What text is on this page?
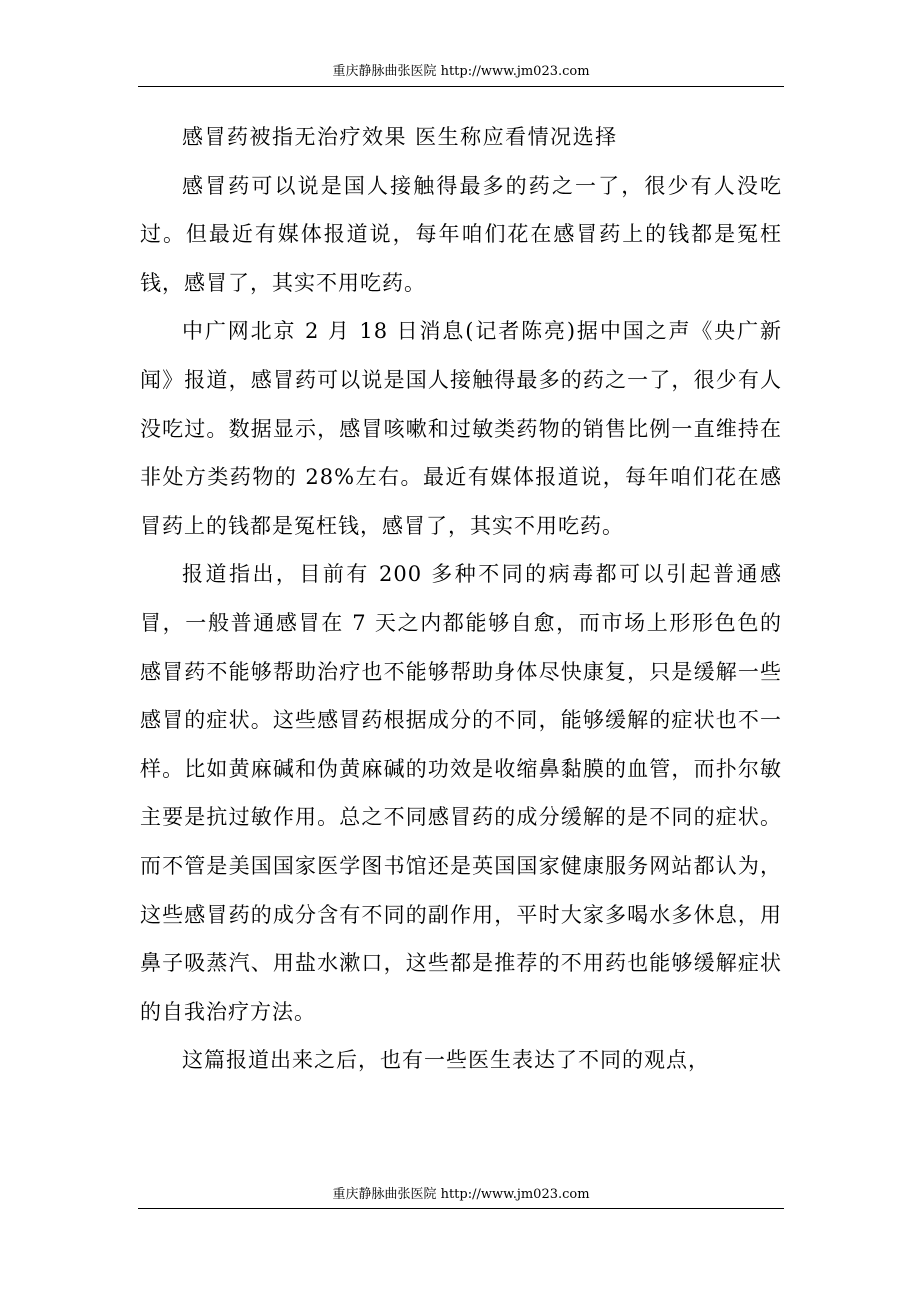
重庆静脉曲张医院 http://www.jm023.com

感冒药被指无治疗效果 医生称应看情况选择

感冒药可以说是国人接触得最多的药之一了，很少有人没吃过。但最近有媒体报道说，每年咱们花在感冒药上的钱都是冤枉钱，感冒了，其实不用吃药。

中广网北京 2 月 18 日消息(记者陈亮)据中国之声《央广新闻》报道，感冒药可以说是国人接触得最多的药之一了，很少有人没吃过。数据显示，感冒咳嗽和过敏类药物的销售比例一直维持在非处方类药物的 28%左右。最近有媒体报道说，每年咱们花在感冒药上的钱都是冤枉钱，感冒了，其实不用吃药。

报道指出，目前有 200 多种不同的病毒都可以引起普通感冒，一般普通感冒在 7 天之内都能够自愈，而市场上形形色色的感冒药不能够帮助治疗也不能够帮助身体尽快康复，只是缓解一些感冒的症状。这些感冒药根据成分的不同，能够缓解的症状也不一样。比如黄麻碱和伪黄麻碱的功效是收缩鼻黏膜的血管，而扑尔敏主要是抗过敏作用。总之不同感冒药的成分缓解的是不同的症状。而不管是美国国家医学图书馆还是英国国家健康服务网站都认为，这些感冒药的成分含有不同的副作用，平时大家多喝水多休息，用鼻子吸蒸汽、用盐水漱口，这些都是推荐的不用药也能够缓解症状的自我治疗方法。

这篇报道出来之后，也有一些医生表达了不同的观点，

重庆静脉曲张医院 http://www.jm023.com
